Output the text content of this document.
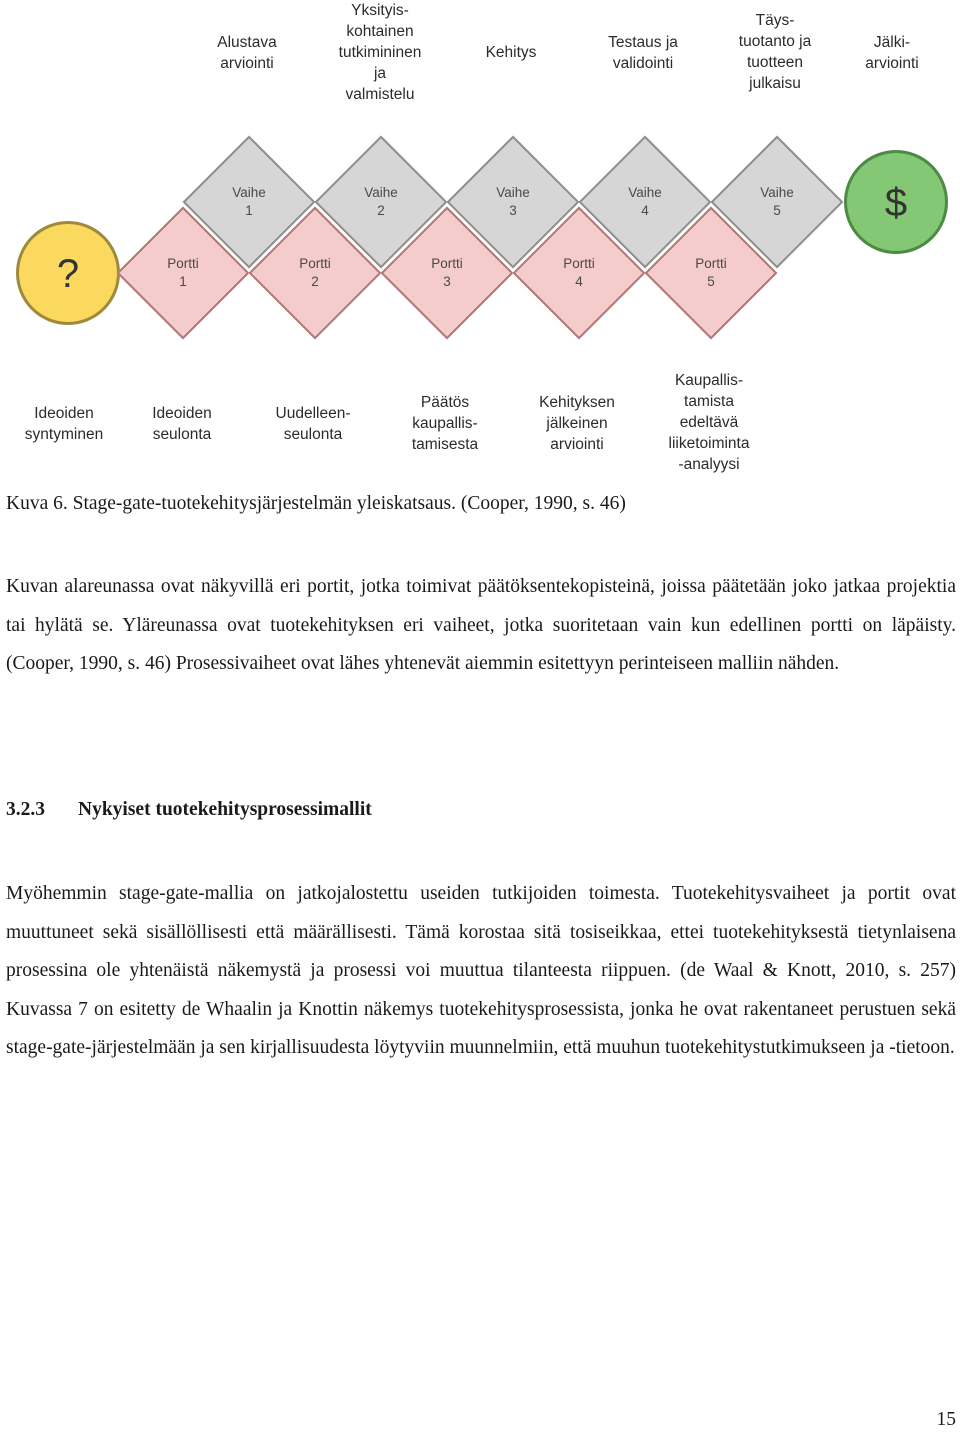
Alustava
arviointi
Yksityis-
kohtainen
tutkimininen
ja
valmistelu
Kehitys
Testaus ja
validointi
Täys-
tuotanto ja
tuotteen
julkaisu
Jälki-
arviointi
?
Vaihe
1
Vaihe
2
Vaihe
3
Vaihe
4
Vaihe
5
Portti
1
Portti
2
Portti
3
Portti
4
Portti
5
$
Ideoiden
syntyminen
Ideoiden
seulonta
Uudelleen-
seulonta
Päätös
kaupallis-
tamisesta
Kehityksen
jälkeinen
arviointi
Kaupallis-
tamista
edeltävä
liiketoiminta
-analyysi
Kuva 6. Stage-gate-tuotekehitysjärjestelmän yleiskatsaus. (Cooper, 1990, s. 46)

Kuvan alareunassa ovat näkyvillä eri portit, jotka toimivat päätöksentekopisteinä, joissa päätetään joko jatkaa projektia tai hylätä se. Yläreunassa ovat tuotekehityksen eri vaiheet, jotka suoritetaan vain kun edellinen portti on läpäisty. (Cooper, 1990, s. 46) Prosessivaiheet ovat lähes yhtenevät aiemmin esitettyyn perinteiseen malliin nähden.

3.2.3 Nykyiset tuotekehitysprosessimallit

Myöhemmin stage-gate-mallia on jatkojalostettu useiden tutkijoiden toimesta. Tuotekehitysvaiheet ja portit ovat muuttuneet sekä sisällöllisesti että määrällisesti. Tämä korostaa sitä tosiseikkaa, ettei tuotekehityksestä tietynlaisena prosessina ole yhtenäistä näkemystä ja prosessi voi muuttua tilanteesta riippuen. (de Waal & Knott, 2010, s. 257) Kuvassa 7 on esitetty de Whaalin ja Knottin näkemys tuotekehitysprosessista, jonka he ovat rakentaneet perustuen sekä stage-gate-järjestelmään ja sen kirjallisuudesta löytyviin muunnelmiin, että muuhun tuotekehitystutkimukseen ja -tietoon.

15
